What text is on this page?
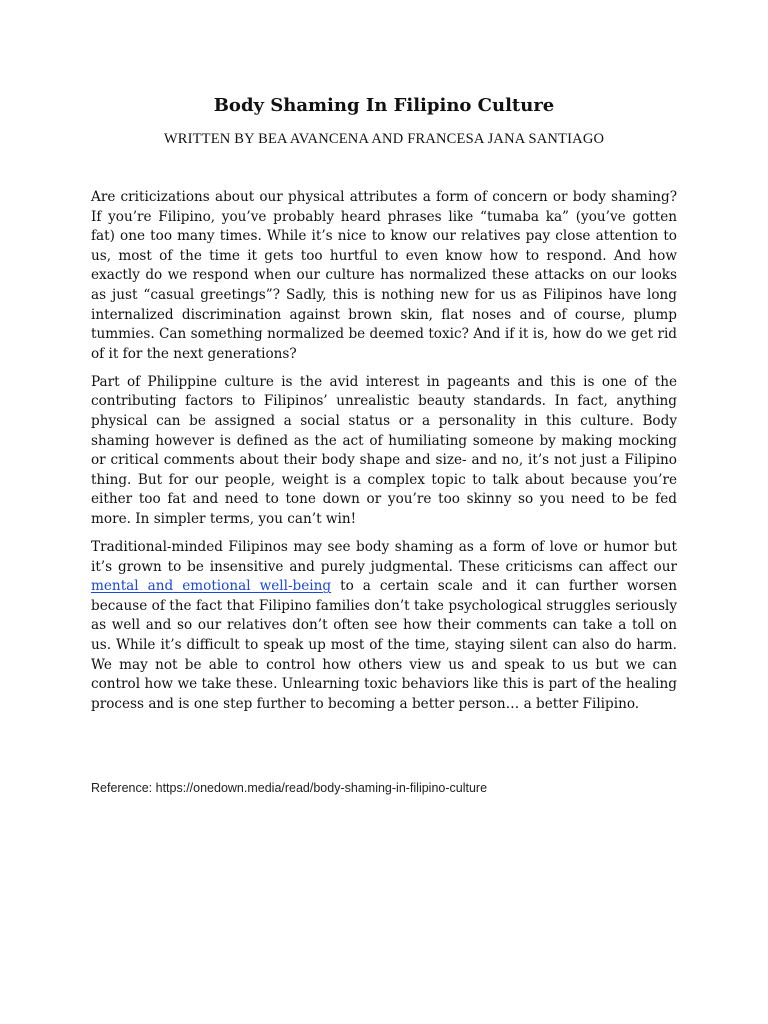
Body Shaming In Filipino Culture
WRITTEN BY BEA AVANCENA AND FRANCESA JANA SANTIAGO

Are criticizations about our physical attributes a form of concern or body shaming? If you’re Filipino, you’ve probably heard phrases like “tumaba ka” (you’ve gotten fat) one too many times. While it’s nice to know our relatives pay close attention to us, most of the time it gets too hurtful to even know how to respond. And how exactly do we respond when our culture has normalized these attacks on our looks as just “casual greetings”? Sadly, this is nothing new for us as Filipinos have long internalized discrimination against brown skin, flat noses and of course, plump tummies. Can something normalized be deemed toxic? And if it is, how do we get rid of it for the next generations?

Part of Philippine culture is the avid interest in pageants and this is one of the contributing factors to Filipinos’ unrealistic beauty standards. In fact, anything physical can be assigned a social status or a personality in this culture. Body shaming however is defined as the act of humiliating someone by making mocking or critical comments about their body shape and size- and no, it’s not just a Filipino thing. But for our people, weight is a complex topic to talk about because you’re either too fat and need to tone down or you’re too skinny so you need to be fed more. In simpler terms, you can’t win!

Traditional-minded Filipinos may see body shaming as a form of love or humor but it’s grown to be insensitive and purely judgmental. These criticisms can affect our mental and emotional well-being to a certain scale and it can further worsen because of the fact that Filipino families don’t take psychological struggles seriously as well and so our relatives don’t often see how their comments can take a toll on us. While it’s difficult to speak up most of the time, staying silent can also do harm. We may not be able to control how others view us and speak to us but we can control how we take these. Unlearning toxic behaviors like this is part of the healing process and is one step further to becoming a better person… a better Filipino.

Reference: https://onedown.media/read/body-shaming-in-filipino-culture
